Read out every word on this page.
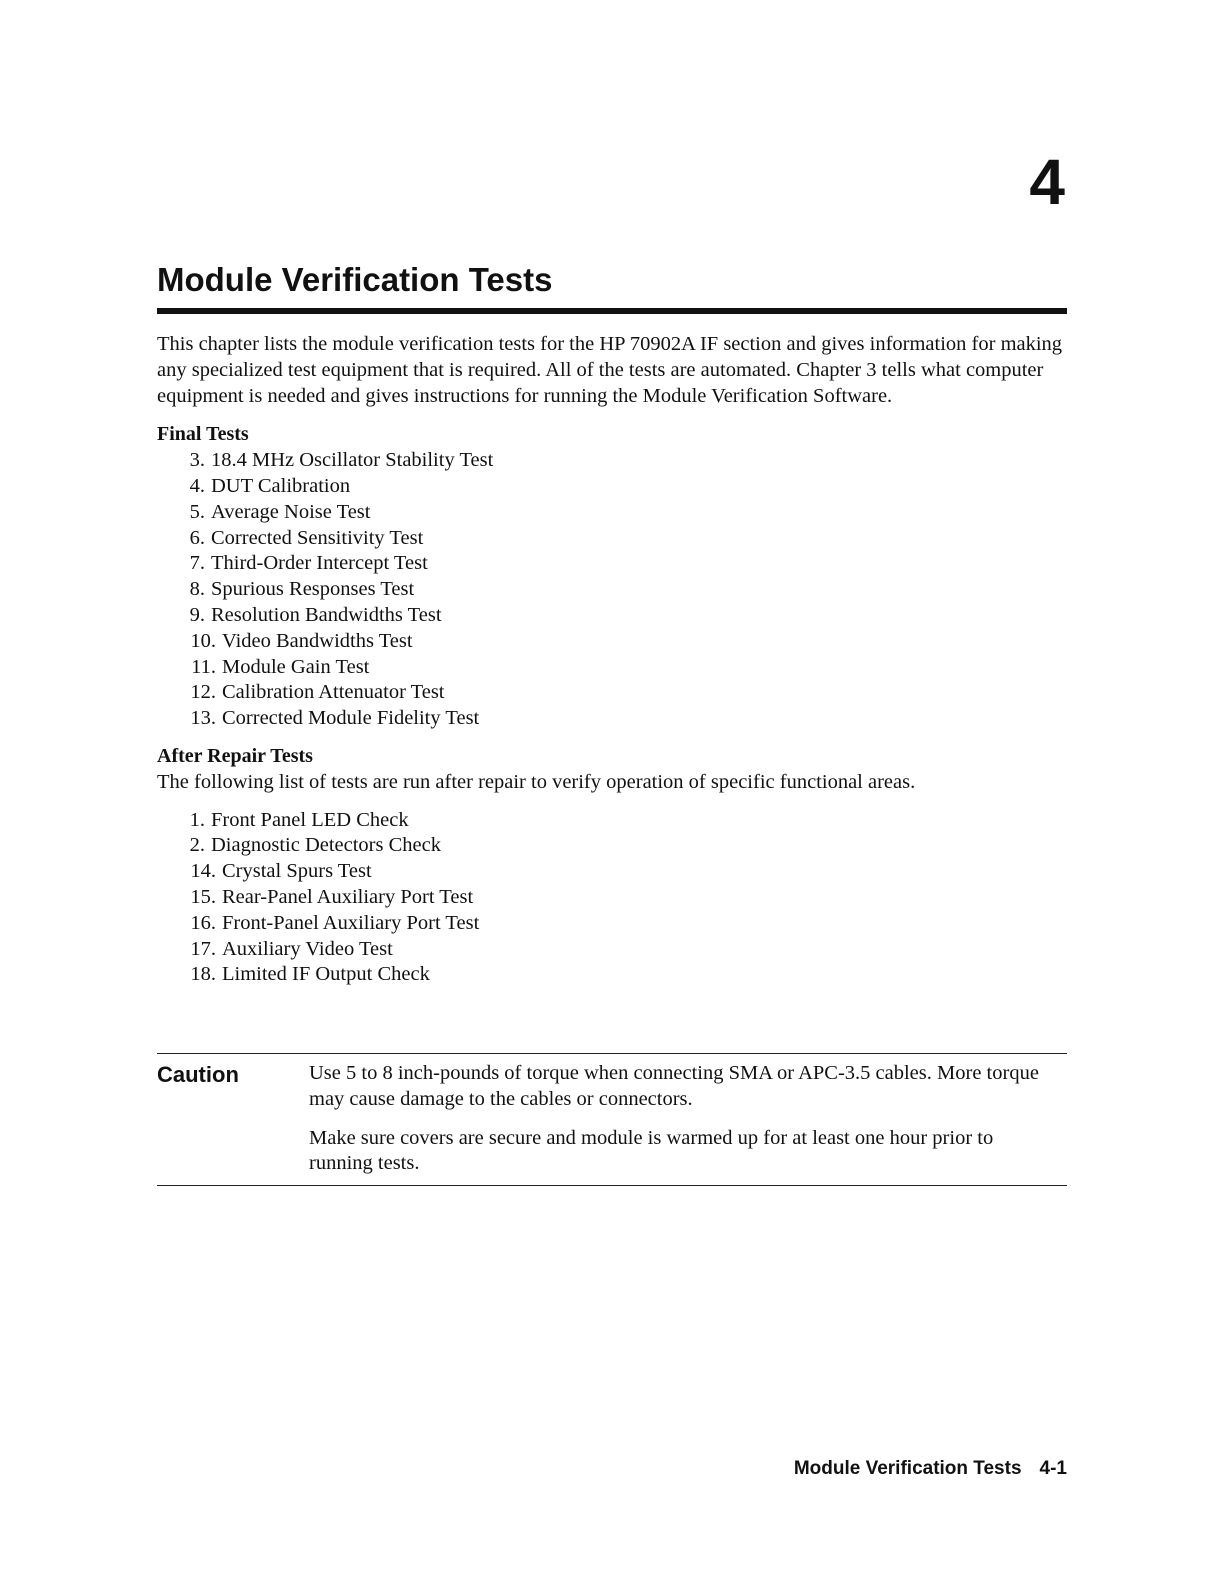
4
Module Verification Tests

This chapter lists the module verification tests for the HP 70902A IF section and gives information for making any specialized test equipment that is required. All of the tests are automated. Chapter 3 tells what computer equipment is needed and gives instructions for running the Module Verification Software.

Final Tests

3. 18.4 MHz Oscillator Stability Test
4. DUT Calibration
5. Average Noise Test
6. Corrected Sensitivity Test
7. Third-Order Intercept Test
8. Spurious Responses Test
9. Resolution Bandwidths Test
10. Video Bandwidths Test
11. Module Gain Test
12. Calibration Attenuator Test
13. Corrected Module Fidelity Test

After Repair Tests

The following list of tests are run after repair to verify operation of specific functional areas.

1. Front Panel LED Check
2. Diagnostic Detectors Check
14. Crystal Spurs Test
15. Rear-Panel Auxiliary Port Test
16. Front-Panel Auxiliary Port Test
17. Auxiliary Video Test
18. Limited IF Output Check
Caution	Use 5 to 8 inch-pounds of torque when connecting SMA or APC-3.5 cables. More torque may cause damage to the cables or connectors.

Make sure covers are secure and module is warmed up for at least one hour prior to running tests.

Module Verification Tests 4-1
